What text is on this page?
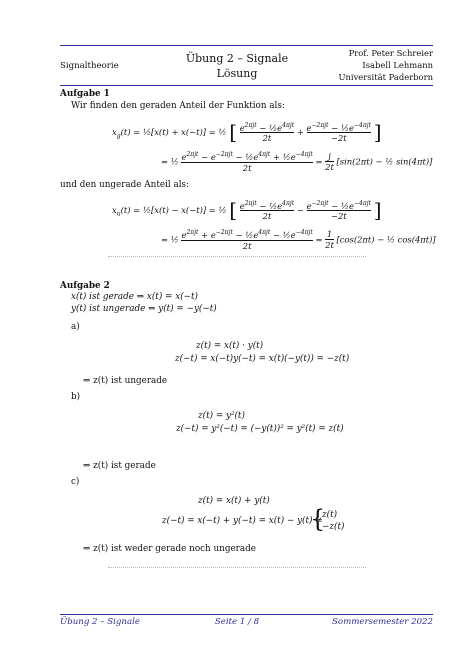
Signaltheorie
Übung 2 – Signale
Lösung
Prof. Peter Schreier
Isabell Lehmann
Universität Paderborn
Aufgabe 1
Wir finden den geraden Anteil der Funktion als:
$x_g(t)$ = ½[x(t) + x(−t)] = ½ [ $e^{2\pi jt}$ − $\frac{1}{2}e^{4\pi jt}$
2t
+ $e^{-2\pi jt}$ − $\frac{1}{2}e^{-4\pi jt}$
−2t	]
= ½ $e^{2\pi jt} - e^{-2\pi jt}$ − $\frac{1}{2}e^{4\pi jt}$ + $\frac{1}{2}e^{-4\pi jt}$
2t
= $\frac{j}{2t} [\sin(2\pi t)$ − ½ sin(4πt)]
und den ungerade Anteil als:
$x_u(t)$ = ½[x(t) − x(−t)] = ½ [ $e^{2\pi jt}$ − $\frac{1}{2}e^{4\pi jt}$
2t
− $e^{-2\pi jt}$ − $\frac{1}{2}e^{-4\pi jt}$
−2t	]
= ½ $e^{2\pi jt} + e^{-2\pi jt}$ − $\frac{1}{2}e^{4\pi jt}$ − $\frac{1}{2}e^{-4\pi jt}$
2t
= $\frac{1}{2t} [\cos(2\pi t)$ − ½ cos(4πt)]
Aufgabe 2
x(t) ist gerade ⇒ x(t) = x(−t)
y(t) ist ungerade ⇒ y(t) = −y(−t)
a)
z(t) = x(t) · y(t)
z(−t) = x(−t)y(−t) = x(t)(−y(t)) = −z(t)
⇒ z(t) ist ungerade
b)
z(t) = y²(t)
z(−t) = y²(−t) = (−y(t))² = y²(t) = z(t)
⇒ z(t) ist gerade
c)
z(t) = x(t) + y(t)
z(−t) = x(−t) + y(−t) = x(t) − y(t) ≠
{
z(t)
−z(t)
⇒ z(t) ist weder gerade noch ungerade
Übung 2 – Signale	Seite 1 / 8	Sommersemester 2022
